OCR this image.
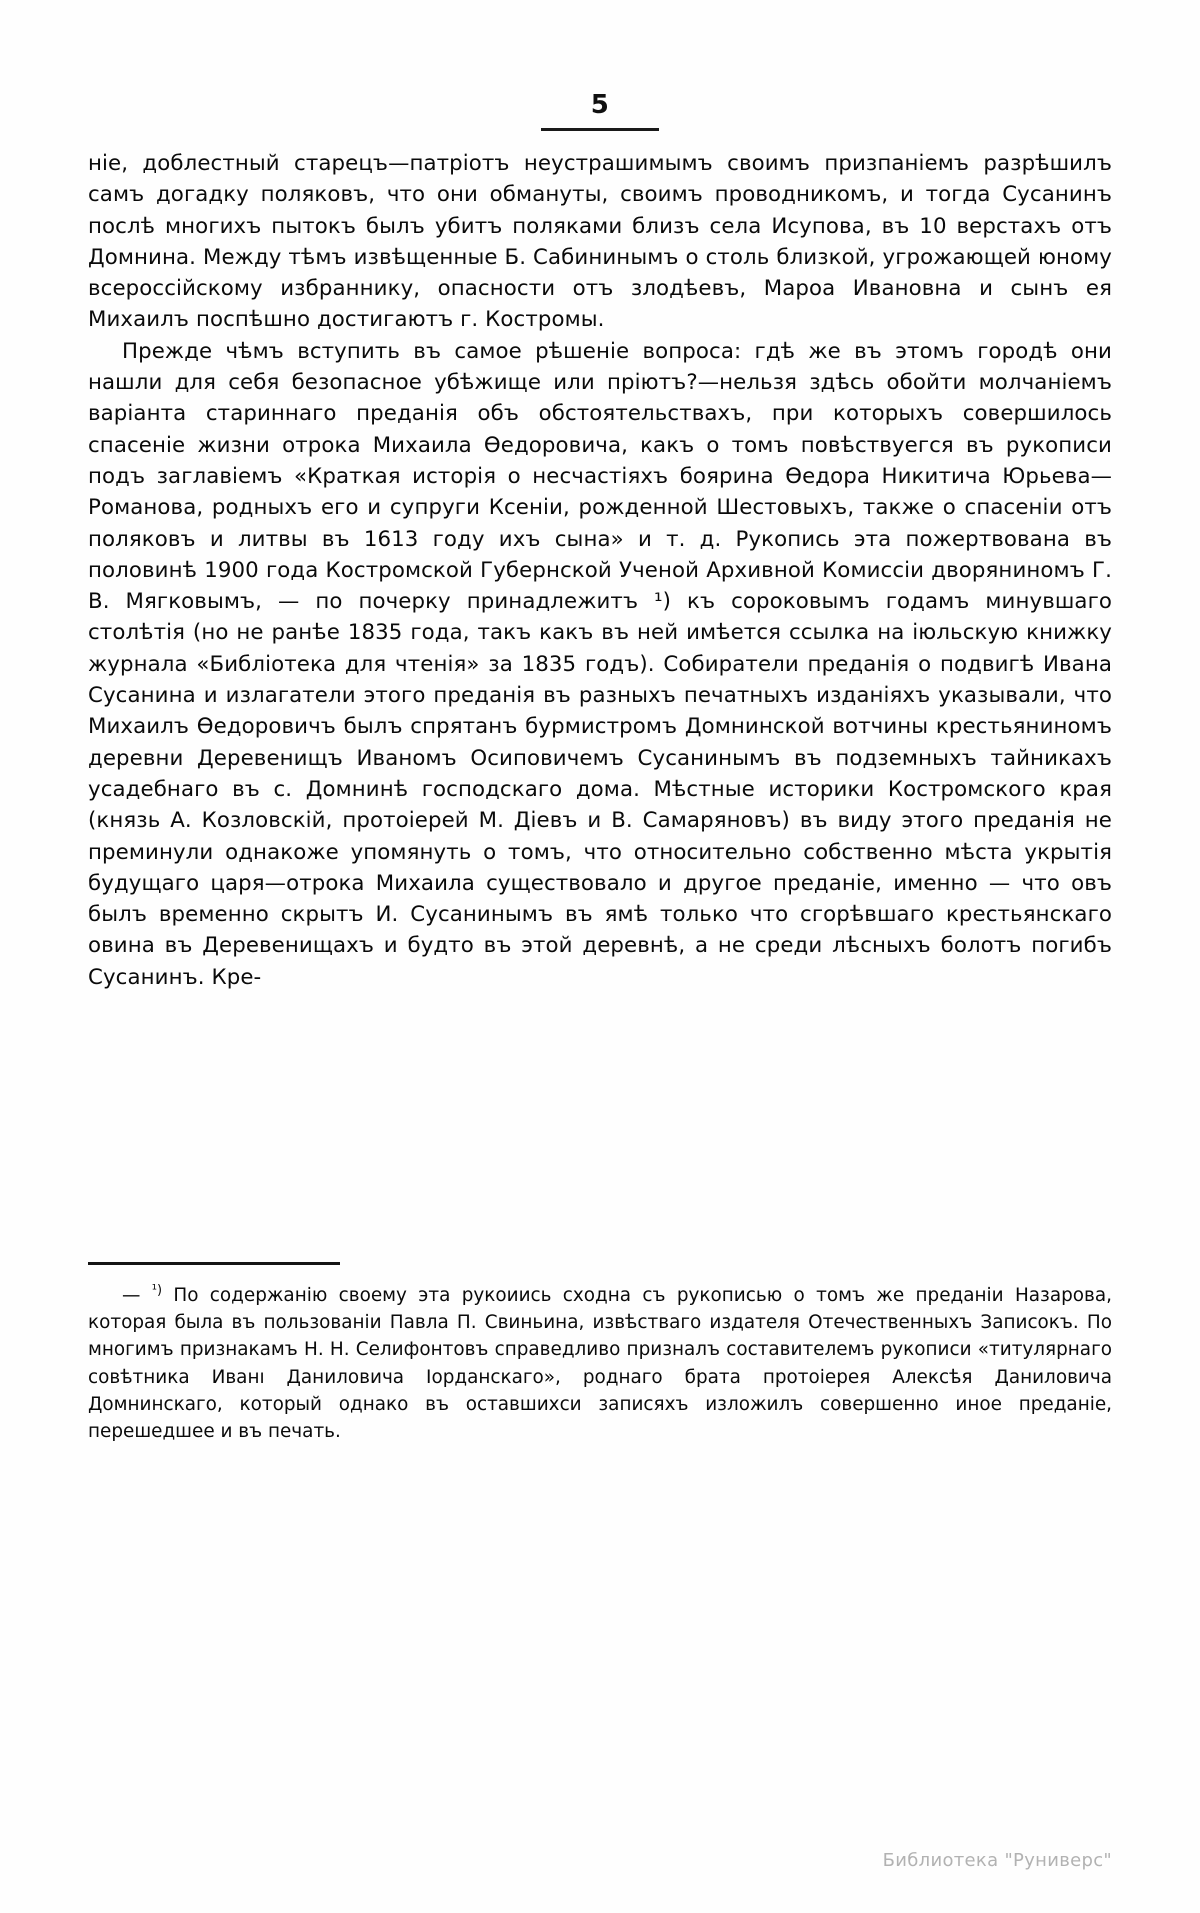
5

ніе, доблестный старецъ—патріотъ неустрашимымъ своимъ призпаніемъ разрѣшилъ самъ догадку поляковъ, что они обмануты, своимъ проводникомъ, и тогда Сусанинъ послѣ многихъ пытокъ былъ убитъ поляками близъ села Исупова, въ 10 верстахъ отъ Домнина. Между тѣмъ извѣщенные Б. Сабининымъ о столь близкой, угрожающей юному всероссійскому избраннику, опасности отъ злодѣевъ, Мароа Ивановна и сынъ ея Михаилъ поспѣшно достигаютъ г. Костромы.

Прежде чѣмъ вступить въ самое рѣшеніе вопроса: гдѣ же въ этомъ городѣ они нашли для себя безопасное убѣжище или пріютъ?—нельзя здѣсь обойти молчаніемъ варіанта стариннаго преданія объ обстоятельствахъ, при которыхъ совершилось спасеніе жизни отрока Михаила Ѳедоровича, какъ о томъ повѣствуегся въ рукописи подъ заглавіемъ «Краткая исторія о несчастіяхъ боярина Ѳедора Никитича Юрьева—Романова, родныхъ его и супруги Ксеніи, рожденной Шестовыхъ, также о спасеніи отъ поляковъ и литвы въ 1613 году ихъ сына» и т. д. Рукопись эта пожертвована въ половинѣ 1900 года Костромской Губернской Ученой Архивной Комиссіи дворяниномъ Г. В. Мягковымъ, — по почерку принадлежитъ ¹) къ сороковымъ годамъ минувшаго столѣтія (но не ранѣе 1835 года, такъ какъ въ ней имѣется ссылка на іюльскую книжку журнала «Библіотека для чтенія» за 1835 годъ). Собиратели преданія о подвигѣ Ивана Сусанина и излагатели этого преданія въ разныхъ печатныхъ изданіяхъ указывали, что Михаилъ Ѳедоровичъ былъ спрятанъ бурмистромъ Домнинской вотчины крестьяниномъ деревни Деревенищъ Иваномъ Осиповичемъ Сусанинымъ въ подземныхъ тайникахъ усадебнаго въ с. Домнинѣ господскаго дома. Мѣстные историки Костромского края (князь А. Козловскій, протоіерей М. Діевъ и В. Самаряновъ) въ виду этого преданія не преминули однакоже упомянуть о томъ, что относительно собственно мѣста укрытія будущаго царя—отрока Михаила существовало и другое преданіе, именно — что овъ былъ временно скрытъ И. Сусанинымъ въ ямѣ только что сгорѣвшаго крестьянскаго овина въ Деревенищахъ и будто въ этой деревнѣ, а не среди лѣсныхъ болотъ погибъ Сусанинъ. Кре-

— $^{^1)}$ По содержанію своему эта рукоиись сходна съ рукописью о томъ же преданіи Назарова, которая была въ пользованіи Павла П. Свиньина, извѣстваго издателя Отечественныхъ Записокъ. По многимъ признакамъ Н. Н. Селифонтовъ справедливо призналъ составителемъ рукописи «титулярнаго совѣтника Иванı Даниловича Іорданскаго», роднаго брата протоіерея Алексѣя Даниловича Домнинскаго, который однако въ оставшихси записяхъ изложилъ совершенно иное преданіе, перешедшее и въ печать.

Библиотека "Руниверс"
